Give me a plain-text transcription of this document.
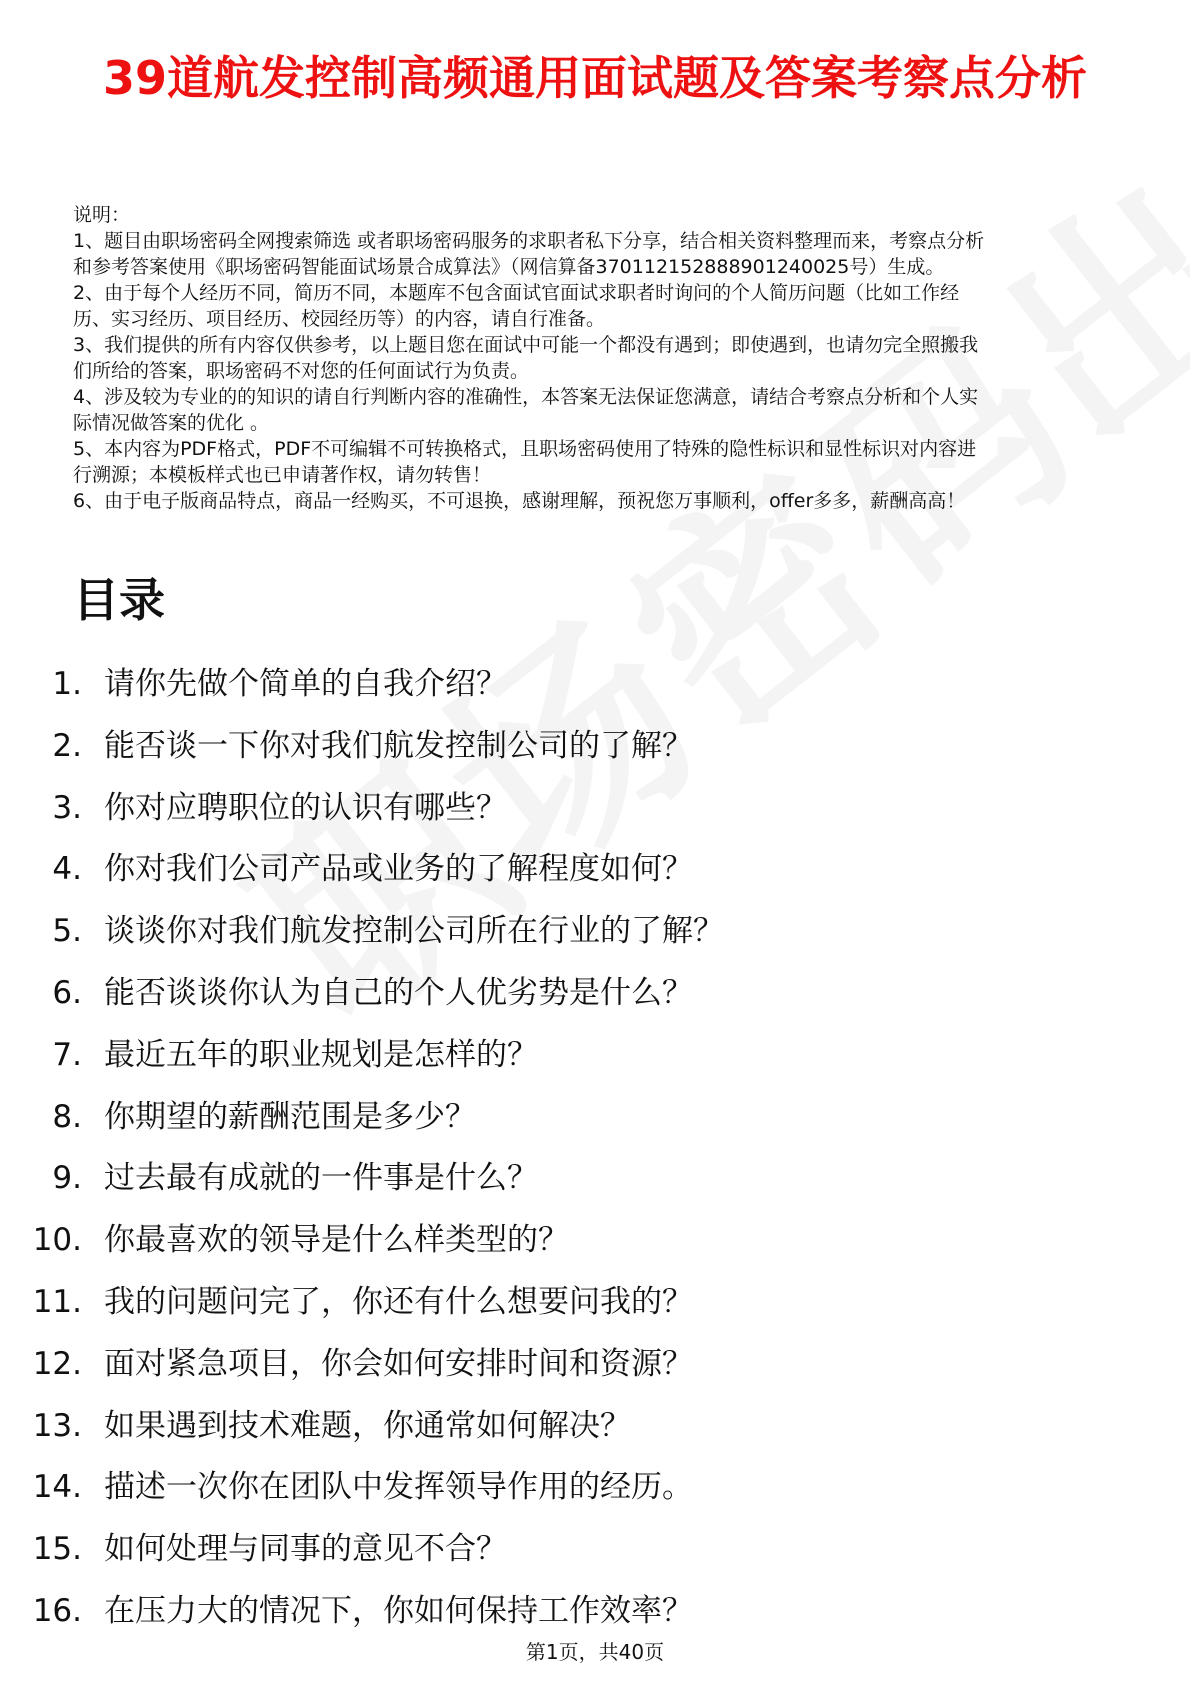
39道航发控制高频通用面试题及答案考察点分析
说明：
1、题目由职场密码全网搜索筛选 或者职场密码服务的求职者私下分享，结合相关资料整理而来，考察点分析
和参考答案使用《职场密码智能面试场景合成算法》（网信算备370112152888901240025号）生成。
2、由于每个人经历不同，简历不同，本题库不包含面试官面试求职者时询问的个人简历问题（比如工作经
历、实习经历、项目经历、校园经历等）的内容，请自行准备。
3、我们提供的所有内容仅供参考，以上题目您在面试中可能一个都没有遇到；即使遇到，也请勿完全照搬我
们所给的答案，职场密码不对您的任何面试行为负责。
4、涉及较为专业的的知识的请自行判断内容的准确性，本答案无法保证您满意，请结合考察点分析和个人实
际情况做答案的优化 。
5、本内容为PDF格式，PDF不可编辑不可转换格式，且职场密码使用了特殊的隐性标识和显性标识对内容进
行溯源；本模板样式也已申请著作权，请勿转售！
6、由于电子版商品特点，商品一经购买，不可退换，感谢理解，预祝您万事顺利，offer多多，薪酬高高！
目录
1. 请你先做个简单的自我介绍？
2. 能否谈一下你对我们航发控制公司的了解？
3. 你对应聘职位的认识有哪些？
4. 你对我们公司产品或业务的了解程度如何？
5. 谈谈你对我们航发控制公司所在行业的了解？
6. 能否谈谈你认为自己的个人优劣势是什么？
7. 最近五年的职业规划是怎样的？
8. 你期望的薪酬范围是多少？
9. 过去最有成就的一件事是什么？
10. 你最喜欢的领导是什么样类型的？
11. 我的问题问完了，你还有什么想要问我的？
12. 面对紧急项目，你会如何安排时间和资源？
13. 如果遇到技术难题，你通常如何解决？
14. 描述一次你在团队中发挥领导作用的经历。
15. 如何处理与同事的意见不合？
16. 在压力大的情况下，你如何保持工作效率？
第1页，共40页
